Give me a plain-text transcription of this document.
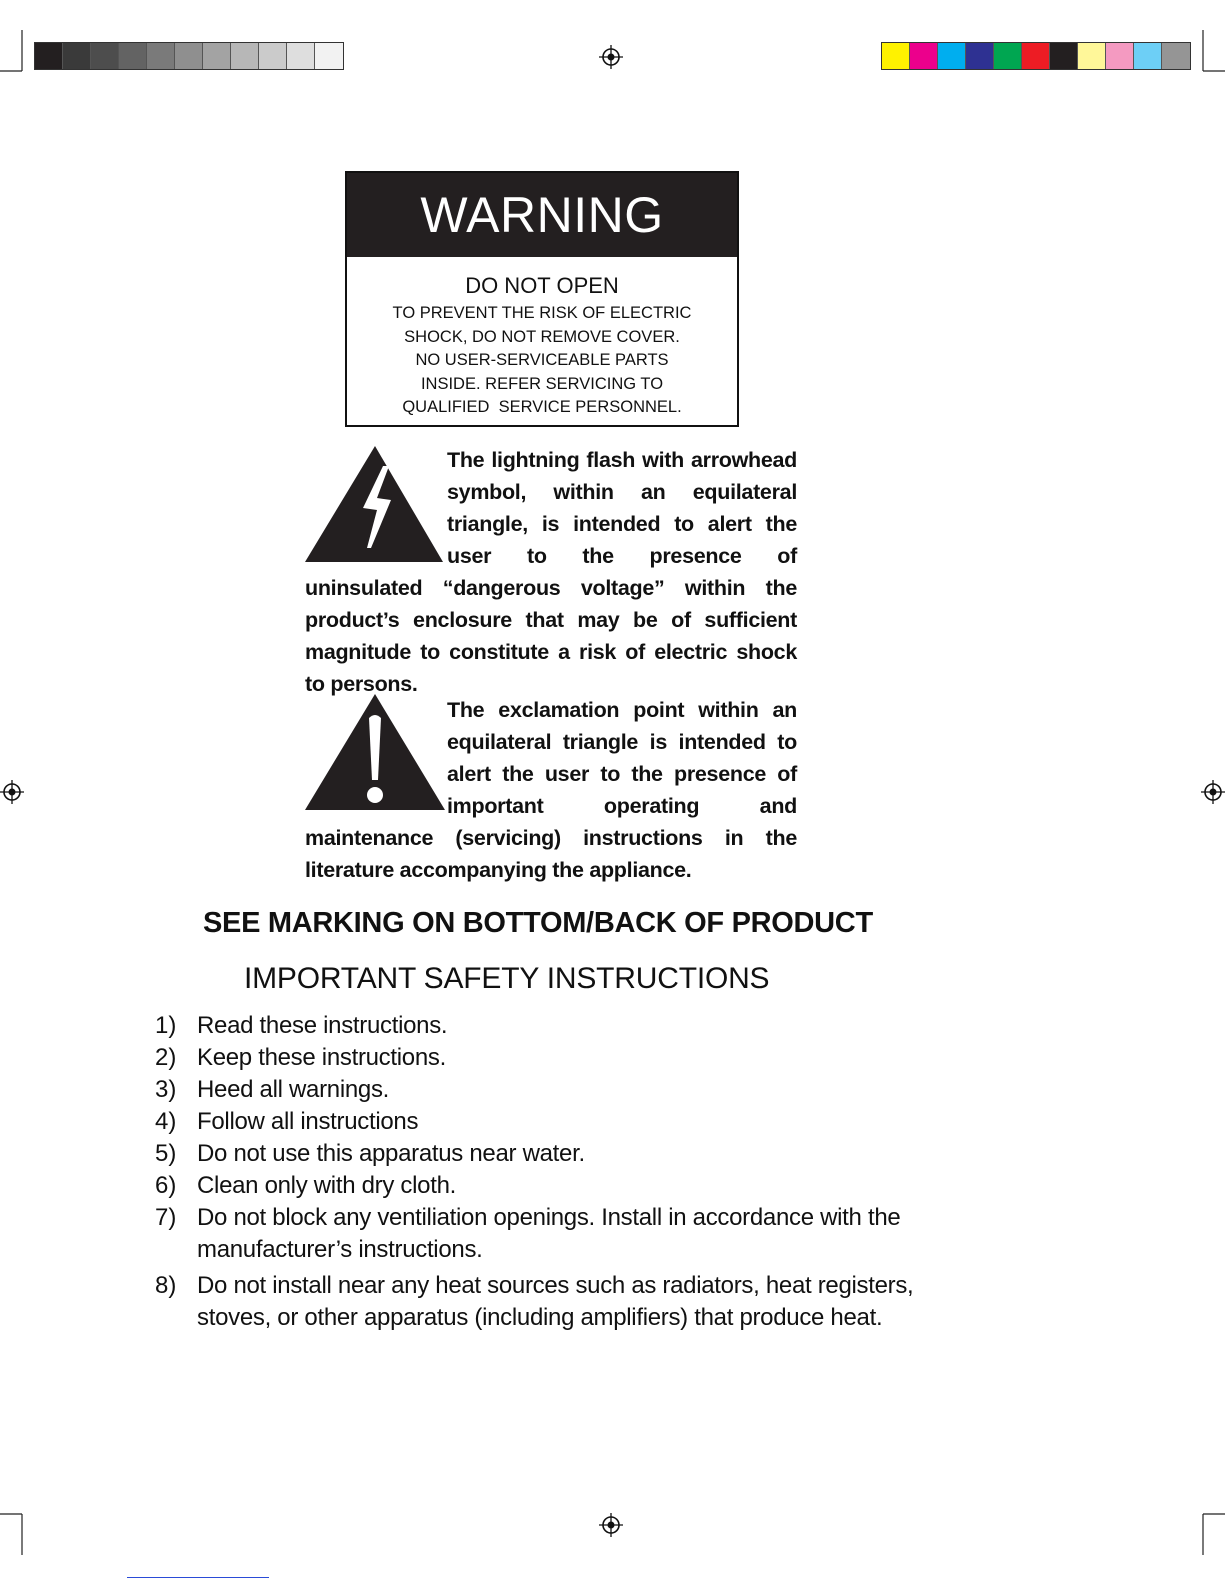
WARNING
DO NOT OPEN
TO PREVENT THE RISK OF ELECTRIC
SHOCK, DO NOT REMOVE COVER.
NO USER-SERVICEABLE PARTS
INSIDE. REFER SERVICING TO
QUALIFIED  SERVICE PERSONNEL.
The lightning flash with arrowhead symbol, within an equilateral triangle, is intended to alert the user to the presence of uninsulated “dangerous voltage” within the product’s enclosure that may be of sufficient magnitude to constitute a risk of electric shock to persons.
The exclamation point within an equilateral triangle is intended to alert the user to the presence of important operating and maintenance (servicing) instructions in the literature accompanying the appliance.
SEE MARKING ON BOTTOM/BACK OF PRODUCT
IMPORTANT SAFETY INSTRUCTIONS
1) Read these instructions.
2) Keep these instructions.
3) Heed all warnings.
4) Follow all instructions
5) Do not use this apparatus near water.
6) Clean only with dry cloth.
7) Do not block any ventiliation openings. Install in accordance with the manufacturer’s instructions.
8) Do not install near any heat sources such as radiators, heat registers, stoves, or other apparatus (including amplifiers) that produce heat.
